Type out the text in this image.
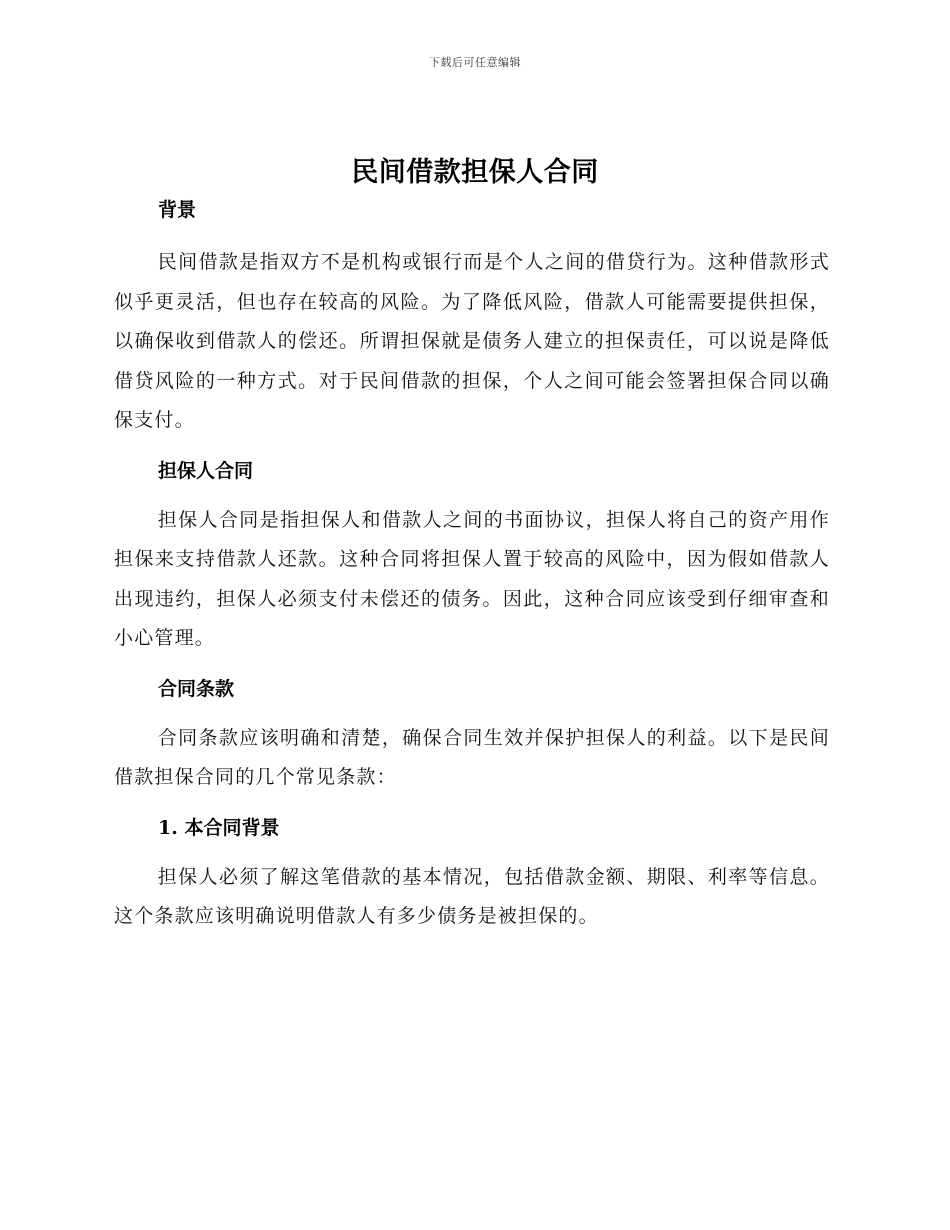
下载后可任意编辑
民间借款担保人合同

背景

民间借款是指双方不是机构或银行而是个人之间的借贷行为。这种借款形式似乎更灵活，但也存在较高的风险。为了降低风险，借款人可能需要提供担保，以确保收到借款人的偿还。所谓担保就是债务人建立的担保责任，可以说是降低借贷风险的一种方式。对于民间借款的担保，个人之间可能会签署担保合同以确保支付。

担保人合同

担保人合同是指担保人和借款人之间的书面协议，担保人将自己的资产用作担保来支持借款人还款。这种合同将担保人置于较高的风险中，因为假如借款人出现违约，担保人必须支付未偿还的债务。因此，这种合同应该受到仔细审查和小心管理。

合同条款

合同条款应该明确和清楚，确保合同生效并保护担保人的利益。以下是民间借款担保合同的几个常见条款：

1. 本合同背景

担保人必须了解这笔借款的基本情况，包括借款金额、期限、利率等信息。这个条款应该明确说明借款人有多少债务是被担保的。
